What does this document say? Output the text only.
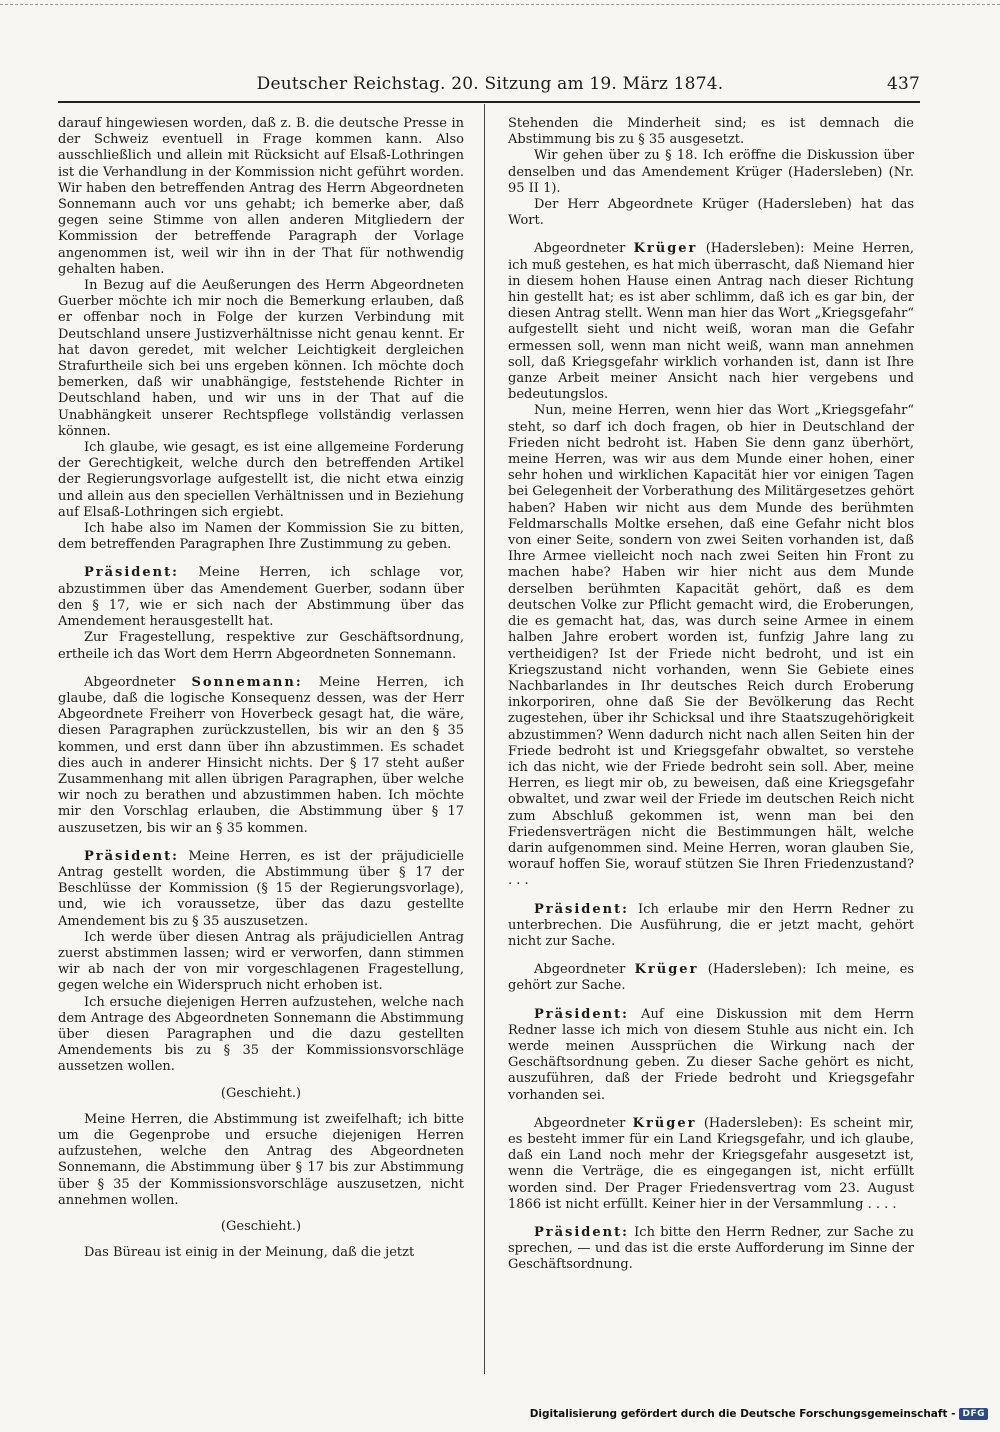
Deutscher Reichstag. 20. Sitzung am 19. März 1874.	437

darauf hingewiesen worden, daß z. B. die deutsche Presse in der Schweiz eventuell in Frage kommen kann. Also ausschließlich und allein mit Rücksicht auf Elsaß-Lothringen ist die Verhandlung in der Kommission nicht geführt worden. Wir haben den betreffenden Antrag des Herrn Abgeordneten Sonnemann auch vor uns gehabt; ich bemerke aber, daß gegen seine Stimme von allen anderen Mitgliedern der Kommission der betreffende Paragraph der Vorlage angenommen ist, weil wir ihn in der That für nothwendig gehalten haben.

In Bezug auf die Aeußerungen des Herrn Abgeordneten Guerber möchte ich mir noch die Bemerkung erlauben, daß er offenbar noch in Folge der kurzen Verbindung mit Deutschland unsere Justizverhältnisse nicht genau kennt. Er hat davon geredet, mit welcher Leichtigkeit dergleichen Strafurtheile sich bei uns ergeben können. Ich möchte doch bemerken, daß wir unabhängige, feststehende Richter in Deutschland haben, und wir uns in der That auf die Unabhängkeit unserer Rechtspflege vollständig verlassen können.

Ich glaube, wie gesagt, es ist eine allgemeine Forderung der Gerechtigkeit, welche durch den betreffenden Artikel der Regierungsvorlage aufgestellt ist, die nicht etwa einzig und allein aus den speciellen Verhältnissen und in Beziehung auf Elsaß-Lothringen sich ergiebt.

Ich habe also im Namen der Kommission Sie zu bitten, dem betreffenden Paragraphen Ihre Zustimmung zu geben.

Präsident: Meine Herren, ich schlage vor, abzustimmen über das Amendement Guerber, sodann über den § 17, wie er sich nach der Abstimmung über das Amendement herausgestellt hat.

Zur Fragestellung, respektive zur Geschäftsordnung, ertheile ich das Wort dem Herrn Abgeordneten Sonnemann.

Abgeordneter Sonnemann: Meine Herren, ich glaube, daß die logische Konsequenz dessen, was der Herr Abgeordnete Freiherr von Hoverbeck gesagt hat, die wäre, diesen Paragraphen zurückzustellen, bis wir an den § 35 kommen, und erst dann über ihn abzustimmen. Es schadet dies auch in anderer Hinsicht nichts. Der § 17 steht außer Zusammenhang mit allen übrigen Paragraphen, über welche wir noch zu berathen und abzustimmen haben. Ich möchte mir den Vorschlag erlauben, die Abstimmung über § 17 auszusetzen, bis wir an § 35 kommen.

Präsident: Meine Herren, es ist der präjudicielle Antrag gestellt worden, die Abstimmung über § 17 der Beschlüsse der Kommission (§ 15 der Regierungsvorlage), und, wie ich voraussetze, über das dazu gestellte Amendement bis zu § 35 auszusetzen.

Ich werde über diesen Antrag als präjudiciellen Antrag zuerst abstimmen lassen; wird er verworfen, dann stimmen wir ab nach der von mir vorgeschlagenen Fragestellung, gegen welche ein Widerspruch nicht erhoben ist.

Ich ersuche diejenigen Herren aufzustehen, welche nach dem Antrage des Abgeordneten Sonnemann die Abstimmung über diesen Paragraphen und die dazu gestellten Amendements bis zu § 35 der Kommissionsvorschläge aussetzen wollen.

(Geschieht.)

Meine Herren, die Abstimmung ist zweifelhaft; ich bitte um die Gegenprobe und ersuche diejenigen Herren aufzustehen, welche den Antrag des Abgeordneten Sonnemann, die Abstimmung über § 17 bis zur Abstimmung über § 35 der Kommissionsvorschläge auszusetzen, nicht annehmen wollen.

(Geschieht.)

Das Büreau ist einig in der Meinung, daß die jetzt

Stehenden die Minderheit sind; es ist demnach die Abstimmung bis zu § 35 ausgesetzt.

Wir gehen über zu § 18. Ich eröffne die Diskussion über denselben und das Amendement Krüger (Hadersleben) (Nr. 95 II 1).

Der Herr Abgeordnete Krüger (Hadersleben) hat das Wort.

Abgeordneter Krüger (Hadersleben): Meine Herren, ich muß gestehen, es hat mich überrascht, daß Niemand hier in diesem hohen Hause einen Antrag nach dieser Richtung hin gestellt hat; es ist aber schlimm, daß ich es gar bin, der diesen Antrag stellt. Wenn man hier das Wort „Kriegsgefahr“ aufgestellt sieht und nicht weiß, woran man die Gefahr ermessen soll, wenn man nicht weiß, wann man annehmen soll, daß Kriegsgefahr wirklich vorhanden ist, dann ist Ihre ganze Arbeit meiner Ansicht nach hier vergebens und bedeutungslos.

Nun, meine Herren, wenn hier das Wort „Kriegsgefahr“ steht, so darf ich doch fragen, ob hier in Deutschland der Frieden nicht bedroht ist. Haben Sie denn ganz überhört, meine Herren, was wir aus dem Munde einer hohen, einer sehr hohen und wirklichen Kapacität hier vor einigen Tagen bei Gelegenheit der Vorberathung des Militärgesetzes gehört haben? Haben wir nicht aus dem Munde des berühmten Feldmarschalls Moltke ersehen, daß eine Gefahr nicht blos von einer Seite, sondern von zwei Seiten vorhanden ist, daß Ihre Armee vielleicht noch nach zwei Seiten hin Front zu machen habe? Haben wir hier nicht aus dem Munde derselben berühmten Kapacität gehört, daß es dem deutschen Volke zur Pflicht gemacht wird, die Eroberungen, die es gemacht hat, das, was durch seine Armee in einem halben Jahre erobert worden ist, funfzig Jahre lang zu vertheidigen? Ist der Friede nicht bedroht, und ist ein Kriegszustand nicht vorhanden, wenn Sie Gebiete eines Nachbarlandes in Ihr deutsches Reich durch Eroberung inkorporiren, ohne daß Sie der Bevölkerung das Recht zugestehen, über ihr Schicksal und ihre Staatszugehörigkeit abzustimmen? Wenn dadurch nicht nach allen Seiten hin der Friede bedroht ist und Kriegsgefahr obwaltet, so verstehe ich das nicht, wie der Friede bedroht sein soll. Aber, meine Herren, es liegt mir ob, zu beweisen, daß eine Kriegsgefahr obwaltet, und zwar weil der Friede im deutschen Reich nicht zum Abschluß gekommen ist, wenn man bei den Friedensverträgen nicht die Bestimmungen hält, welche darin aufgenommen sind. Meine Herren, woran glauben Sie, worauf hoffen Sie, worauf stützen Sie Ihren Friedenzustand? . . .

Präsident: Ich erlaube mir den Herrn Redner zu unterbrechen. Die Ausführung, die er jetzt macht, gehört nicht zur Sache.

Abgeordneter Krüger (Hadersleben): Ich meine, es gehört zur Sache.

Präsident: Auf eine Diskussion mit dem Herrn Redner lasse ich mich von diesem Stuhle aus nicht ein. Ich werde meinen Aussprüchen die Wirkung nach der Geschäftsordnung geben. Zu dieser Sache gehört es nicht, auszuführen, daß der Friede bedroht und Kriegsgefahr vorhanden sei.

Abgeordneter Krüger (Hadersleben): Es scheint mir, es besteht immer für ein Land Kriegsgefahr, und ich glaube, daß ein Land noch mehr der Kriegsgefahr ausgesetzt ist, wenn die Verträge, die es eingegangen ist, nicht erfüllt worden sind. Der Prager Friedensvertrag vom 23. August 1866 ist nicht erfüllt. Keiner hier in der Versammlung . . . .

Präsident: Ich bitte den Herrn Redner, zur Sache zu sprechen, — und das ist die erste Aufforderung im Sinne der Geschäftsordnung.

Digitalisierung gefördert durch die Deutsche Forschungsgemeinschaft - DFG
